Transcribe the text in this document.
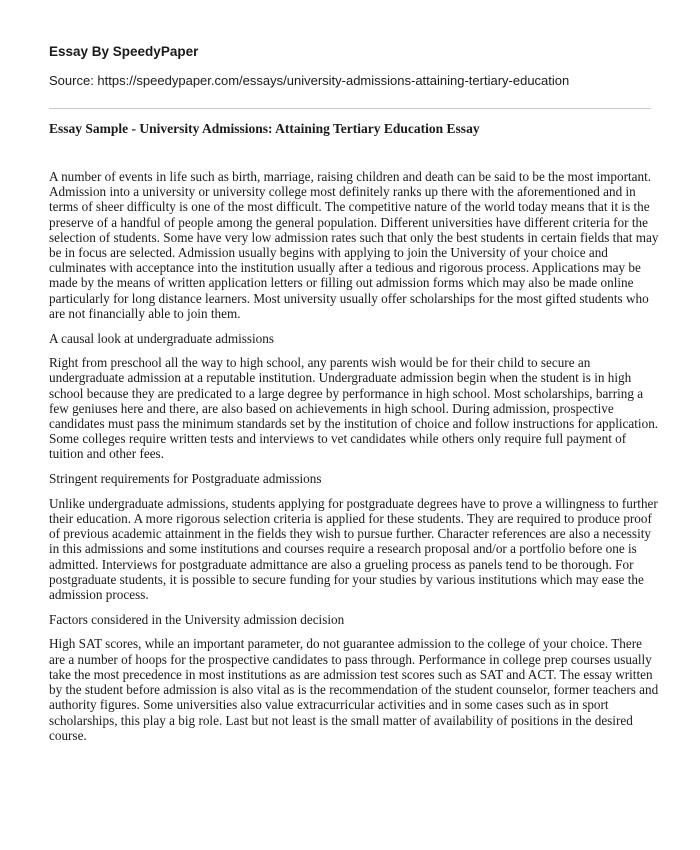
Essay By SpeedyPaper
Source: https://speedypaper.com/essays/university-admissions-attaining-tertiary-education
Essay Sample - University Admissions: Attaining Tertiary Education Essay

A number of events in life such as birth, marriage, raising children and death can be said to be the most important. Admission into a university or university college most definitely ranks up there with the aforementioned and in terms of sheer difficulty is one of the most difficult. The competitive nature of the world today means that it is the preserve of a handful of people among the general population. Different universities have different criteria for the selection of students. Some have very low admission rates such that only the best students in certain fields that may be in focus are selected. Admission usually begins with applying to join the University of your choice and culminates with acceptance into the institution usually after a tedious and rigorous process. Applications may be made by the means of written application letters or filling out admission forms which may also be made online particularly for long distance learners. Most university usually offer scholarships for the most gifted students who are not financially able to join them.

A causal look at undergraduate admissions

Right from preschool all the way to high school, any parents wish would be for their child to secure an undergraduate admission at a reputable institution. Undergraduate admission begin when the student is in high school because they are predicated to a large degree by performance in high school. Most scholarships, barring a few geniuses here and there, are also based on achievements in high school. During admission, prospective candidates must pass the minimum standards set by the institution of choice and follow instructions for application. Some colleges require written tests and interviews to vet candidates while others only require full payment of tuition and other fees.

Stringent requirements for Postgraduate admissions

Unlike undergraduate admissions, students applying for postgraduate degrees have to prove a willingness to further their education. A more rigorous selection criteria is applied for these students. They are required to produce proof of previous academic attainment in the fields they wish to pursue further. Character references are also a necessity in this admissions and some institutions and courses require a research proposal and/or a portfolio before one is admitted. Interviews for postgraduate admittance are also a grueling process as panels tend to be thorough. For postgraduate students, it is possible to secure funding for your studies by various institutions which may ease the admission process.

Factors considered in the University admission decision

High SAT scores, while an important parameter, do not guarantee admission to the college of your choice. There are a number of hoops for the prospective candidates to pass through. Performance in college prep courses usually take the most precedence in most institutions as are admission test scores such as SAT and ACT. The essay written by the student before admission is also vital as is the recommendation of the student counselor, former teachers and authority figures. Some universities also value extracurricular activities and in some cases such as in sport scholarships, this play a big role. Last but not least is the small matter of availability of positions in the desired course.
